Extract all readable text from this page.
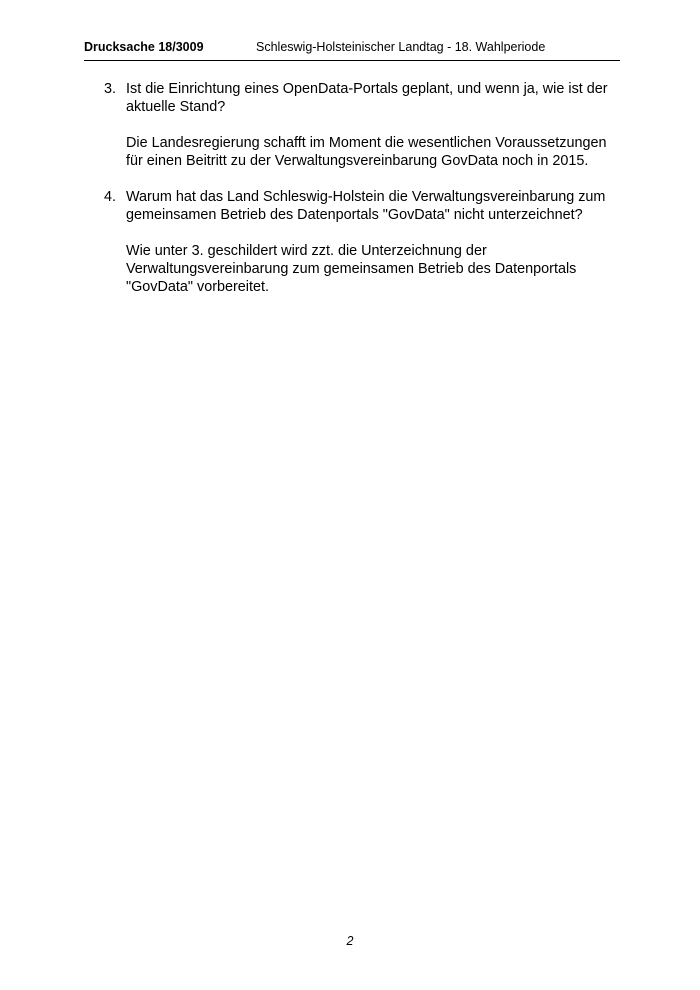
Drucksache 18/3009	Schleswig-Holsteinischer Landtag - 18. Wahlperiode
3. Ist die Einrichtung eines OpenData-Portals geplant, und wenn ja, wie ist der aktuelle Stand?

Die Landesregierung schafft im Moment die wesentlichen Voraussetzungen für einen Beitritt zu der Verwaltungsvereinbarung GovData noch in 2015.

4. Warum hat das Land Schleswig-Holstein die Verwaltungsvereinbarung zum gemeinsamen Betrieb des Datenportals "GovData" nicht unterzeichnet?

Wie unter 3. geschildert wird zzt. die Unterzeichnung der Verwaltungsvereinbarung zum gemeinsamen Betrieb des Datenportals "GovData" vorbereitet.

2
